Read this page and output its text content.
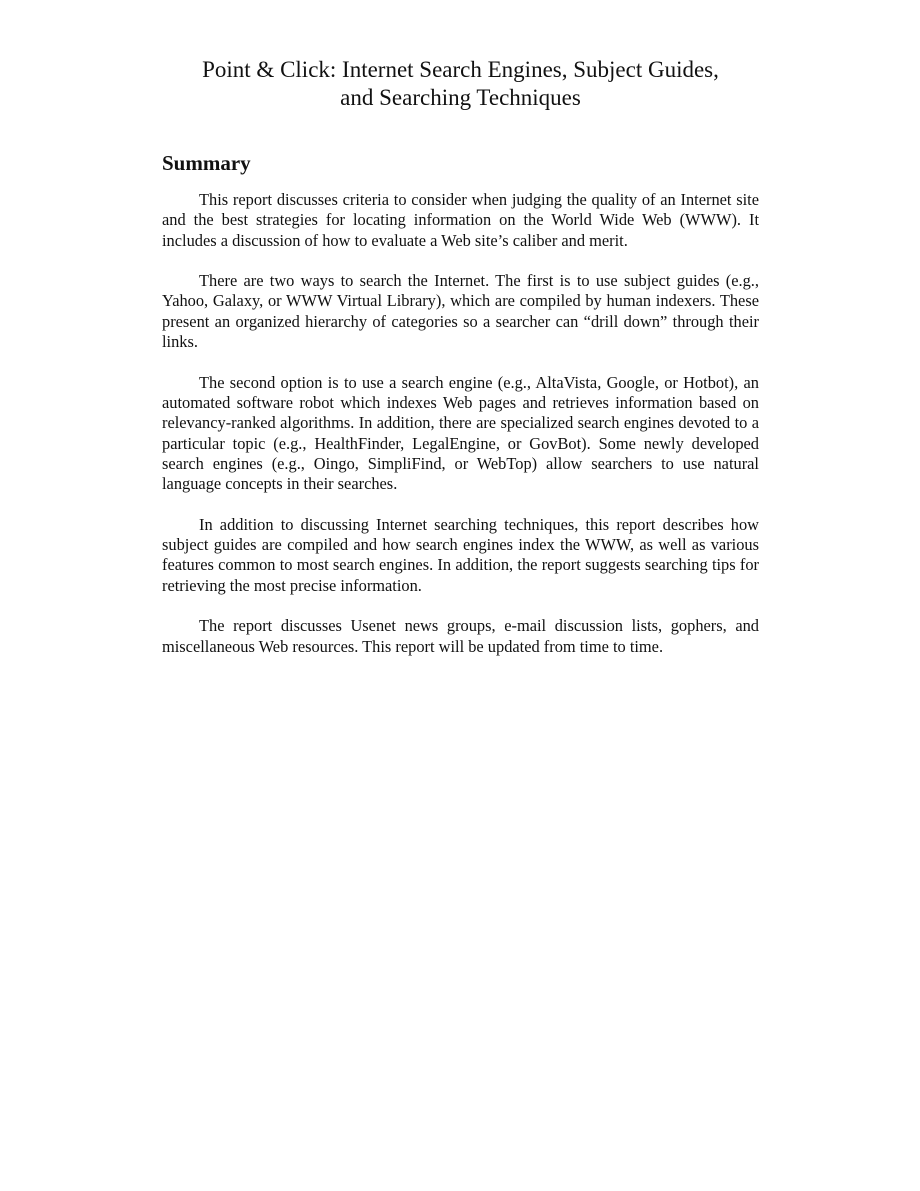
Point & Click: Internet Search Engines, Subject Guides,
and Searching Techniques
Summary

This report discusses criteria to consider when judging the quality of an Internet site and the best strategies for locating information on the World Wide Web (WWW). It includes a discussion of how to evaluate a Web site’s caliber and merit.

There are two ways to search the Internet. The first is to use subject guides (e.g., Yahoo, Galaxy, or WWW Virtual Library), which are compiled by human indexers. These present an organized hierarchy of categories so a searcher can “drill down” through their links.

The second option is to use a search engine (e.g., AltaVista, Google, or Hotbot), an automated software robot which indexes Web pages and retrieves information based on relevancy-ranked algorithms. In addition, there are specialized search engines devoted to a particular topic (e.g., HealthFinder, LegalEngine, or GovBot). Some newly developed search engines (e.g., Oingo, SimpliFind, or WebTop) allow searchers to use natural language concepts in their searches.

In addition to discussing Internet searching techniques, this report describes how subject guides are compiled and how search engines index the WWW, as well as various features common to most search engines. In addition, the report suggests searching tips for retrieving the most precise information.

The report discusses Usenet news groups, e-mail discussion lists, gophers, and miscellaneous Web resources. This report will be updated from time to time.
